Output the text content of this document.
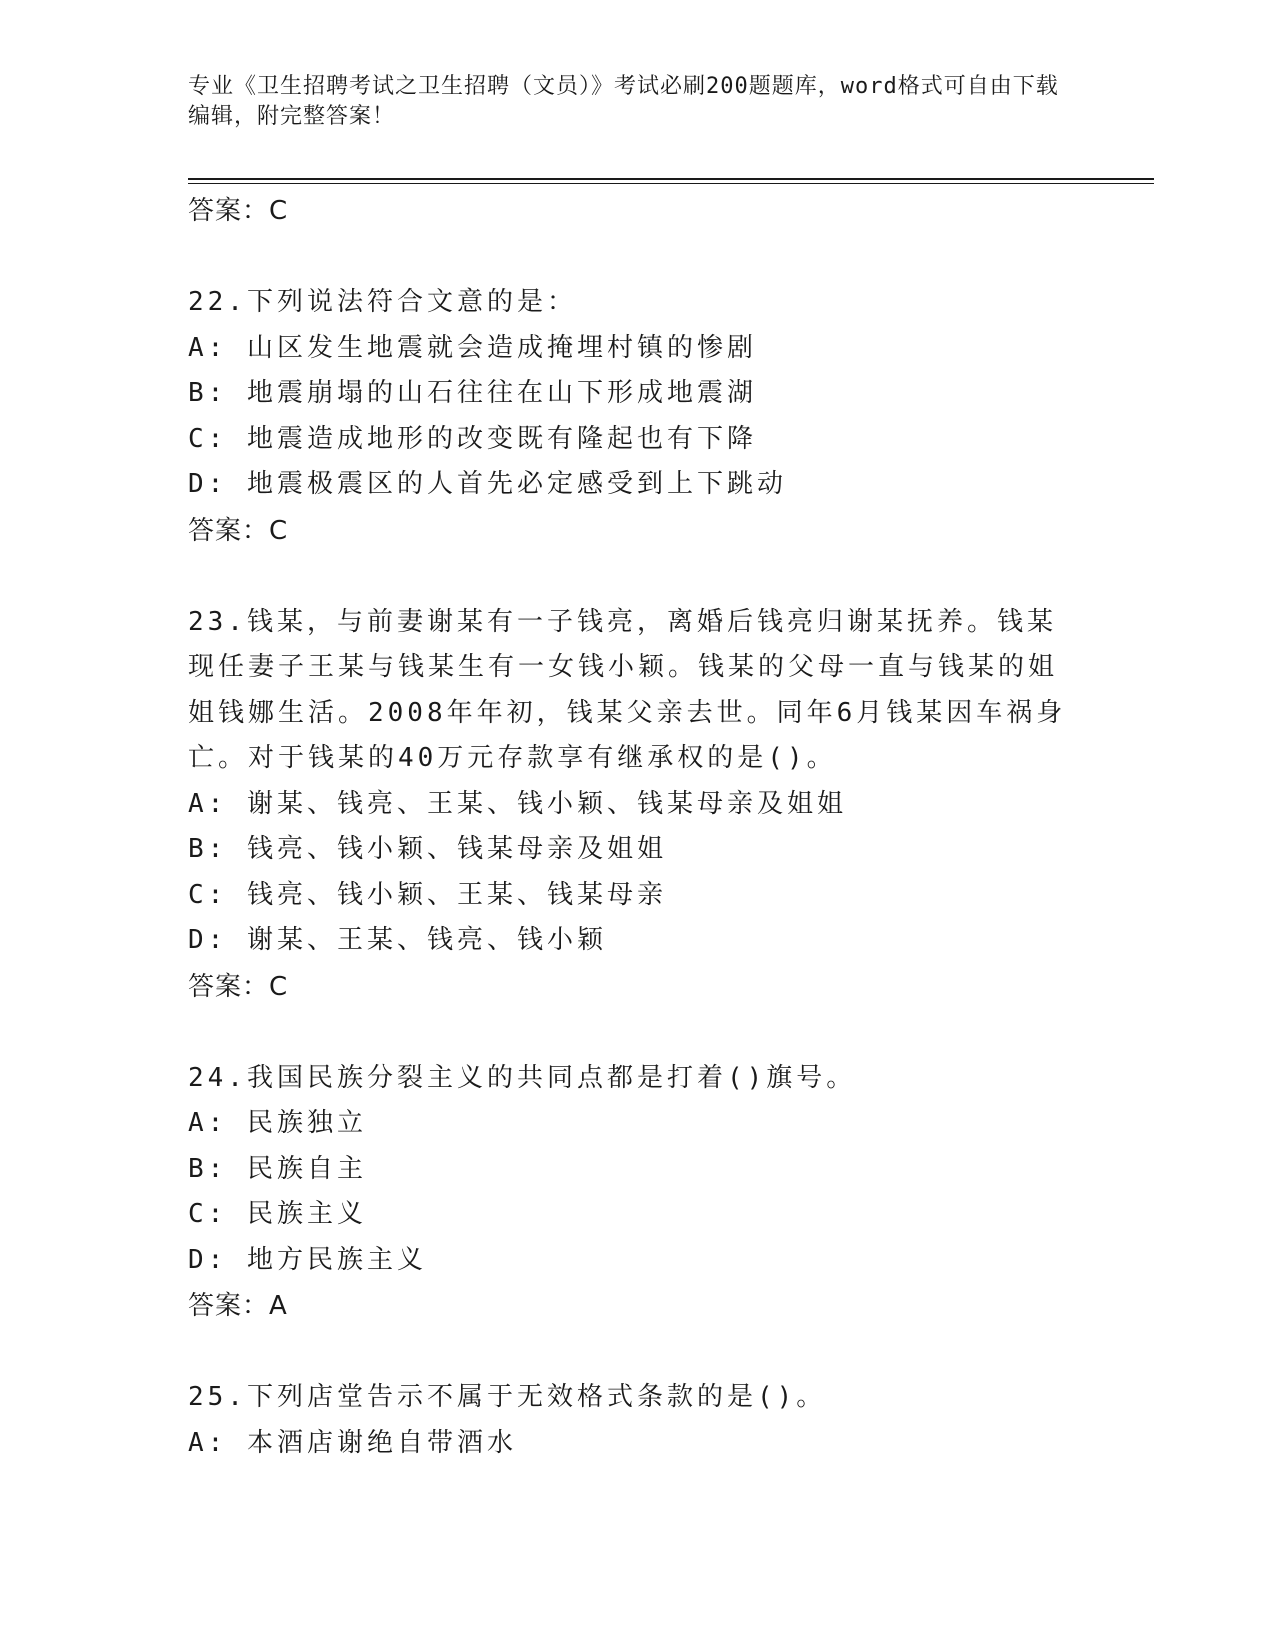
专业《卫生招聘考试之卫生招聘（文员）》考试必刷200题题库，word格式可自由下载编辑，附完整答案！
答案：C
22.下列说法符合文意的是：
A: 山区发生地震就会造成掩埋村镇的惨剧
B: 地震崩塌的山石往往在山下形成地震湖
C: 地震造成地形的改变既有隆起也有下降
D: 地震极震区的人首先必定感受到上下跳动
答案：C
23.钱某，与前妻谢某有一子钱亮，离婚后钱亮归谢某抚养。钱某现任妻子王某与钱某生有一女钱小颖。钱某的父母一直与钱某的姐姐钱娜生活。2008年年初，钱某父亲去世。同年6月钱某因车祸身亡。对于钱某的40万元存款享有继承权的是()。
A: 谢某、钱亮、王某、钱小颖、钱某母亲及姐姐
B: 钱亮、钱小颖、钱某母亲及姐姐
C: 钱亮、钱小颖、王某、钱某母亲
D: 谢某、王某、钱亮、钱小颖
答案：C
24.我国民族分裂主义的共同点都是打着()旗号。
A: 民族独立
B: 民族自主
C: 民族主义
D: 地方民族主义
答案：A
25.下列店堂告示不属于无效格式条款的是()。
A: 本酒店谢绝自带酒水
